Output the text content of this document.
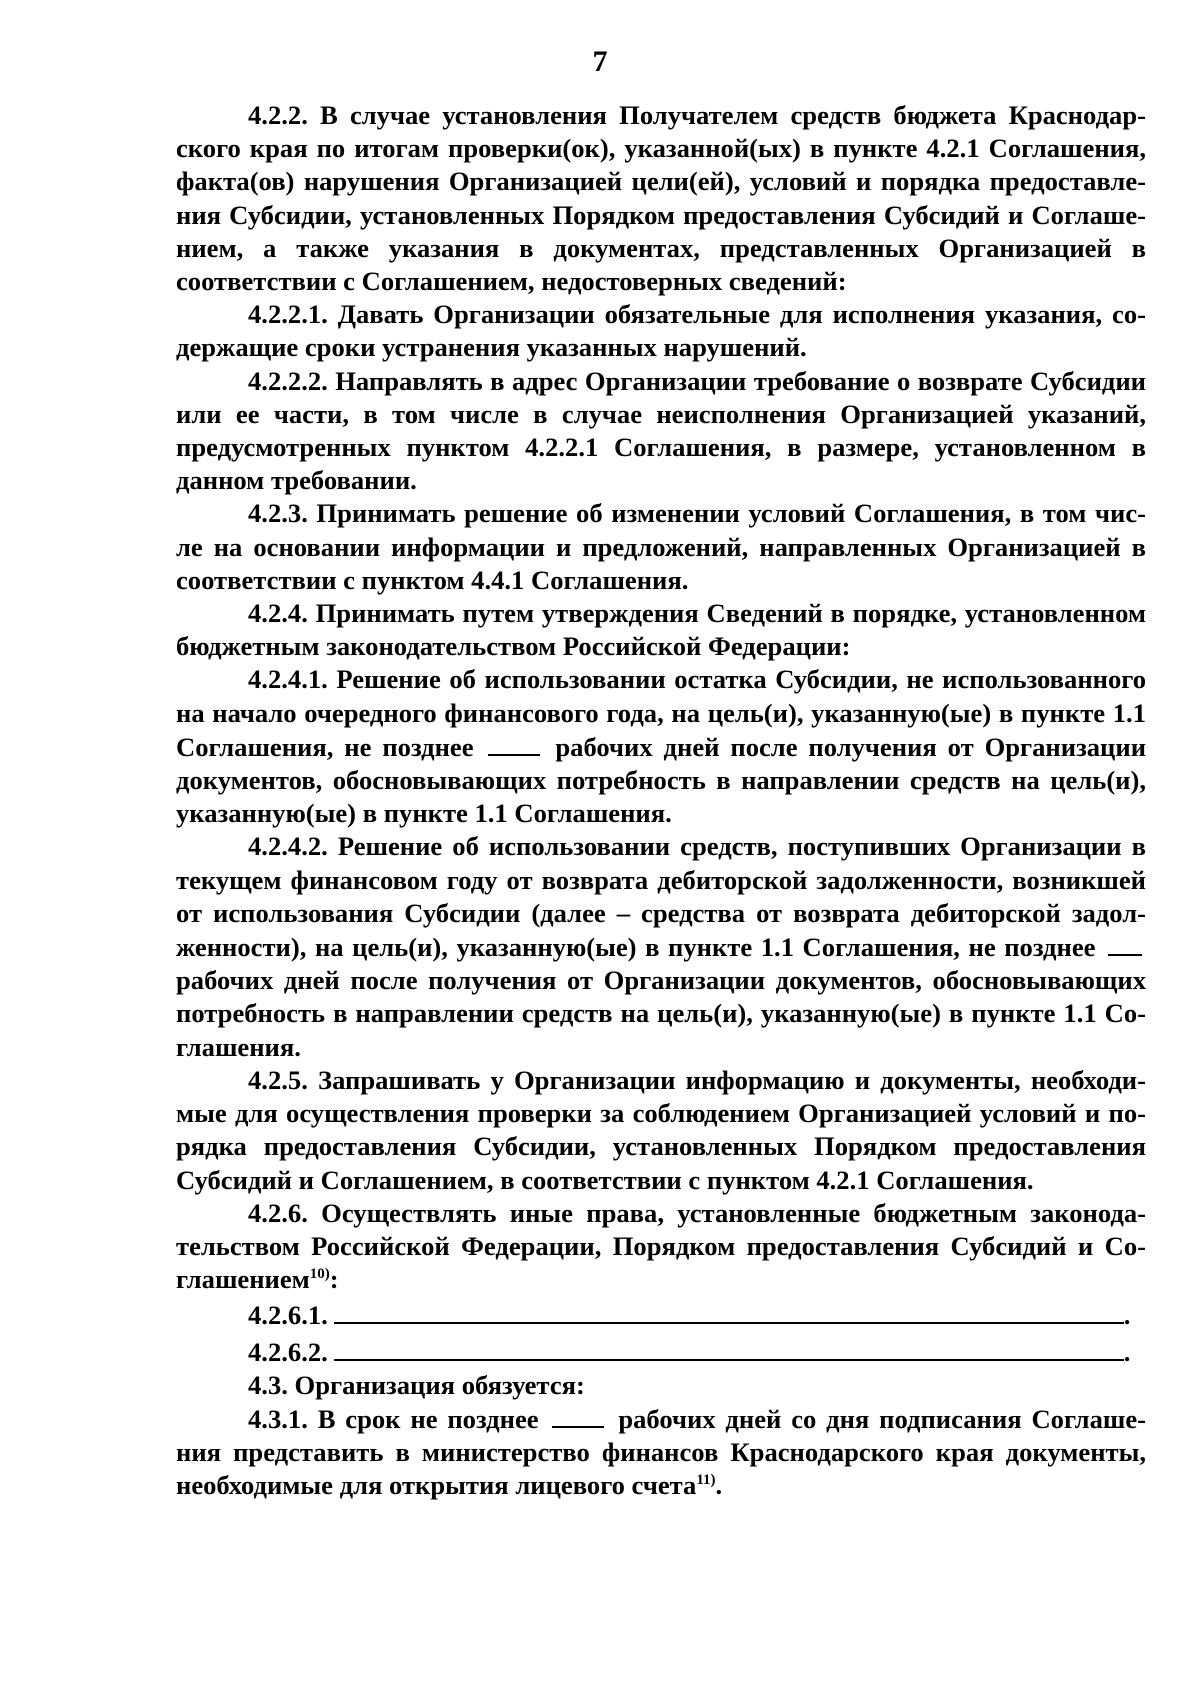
7

4.2.2. В случае установления Получателем средств бюджета Краснодарского края по итогам проверки(ок), указанной(ых) в пункте 4.2.1 Соглашения, факта(ов) нарушения Организацией цели(ей), условий и порядка предоставления Субсидии, установленных Порядком предоставления Субсидий и Соглашением, а также указания в документах, представленных Организацией в соответствии с Соглашением, недостоверных сведений:

4.2.2.1. Давать Организации обязательные для исполнения указания, содержащие сроки устранения указанных нарушений.

4.2.2.2. Направлять в адрес Организации требование о возврате Субсидии или ее части, в том числе в случае неисполнения Организацией указаний, предусмотренных пунктом 4.2.2.1 Соглашения, в размере, установленном в данном требовании.

4.2.3. Принимать решение об изменении условий Соглашения, в том числе на основании информации и предложений, направленных Организацией в соответствии с пунктом 4.4.1 Соглашения.

4.2.4. Принимать путем утверждения Сведений в порядке, установленном бюджетным законодательством Российской Федерации:

4.2.4.1. Решение об использовании остатка Субсидии, не использованного на начало очередного финансового года, на цель(и), указанную(ые) в пункте 1.1 Соглашения, не позднее	рабочих дней после получения от Организации документов, обосновывающих потребность в направлении средств на цель(и), указанную(ые) в пункте 1.1 Соглашения.

4.2.4.2. Решение об использовании средств, поступивших Организации в текущем финансовом году от возврата дебиторской задолженности, возникшей от использования Субсидии (далее – средства от возврата дебиторской задолженности), на цель(и), указанную(ые) в пункте 1.1 Соглашения, не позднее  рабочих дней после получения от Организации документов, обосновывающих потребность в направлении средств на цель(и), указанную(ые) в пункте 1.1 Соглашения.

4.2.5. Запрашивать у Организации информацию и документы, необходимые для осуществления проверки за соблюдением Организацией условий и порядка предоставления Субсидии, установленных Порядком предоставления Субсидий и Соглашением, в соответствии с пунктом 4.2.1 Соглашения.

4.2.6. Осуществлять иные права, установленные бюджетным законодательством Российской Федерации, Порядком предоставления Субсидий и Соглашением$^{10)}$:

4.2.6.1.	.

4.2.6.2.	.

4.3. Организация обязуется:

4.3.1. В срок не позднее	рабочих дней со дня подписания Соглашения представить в министерство финансов Краснодарского края документы, необходимые для открытия лицевого счета$^{11)}$.
